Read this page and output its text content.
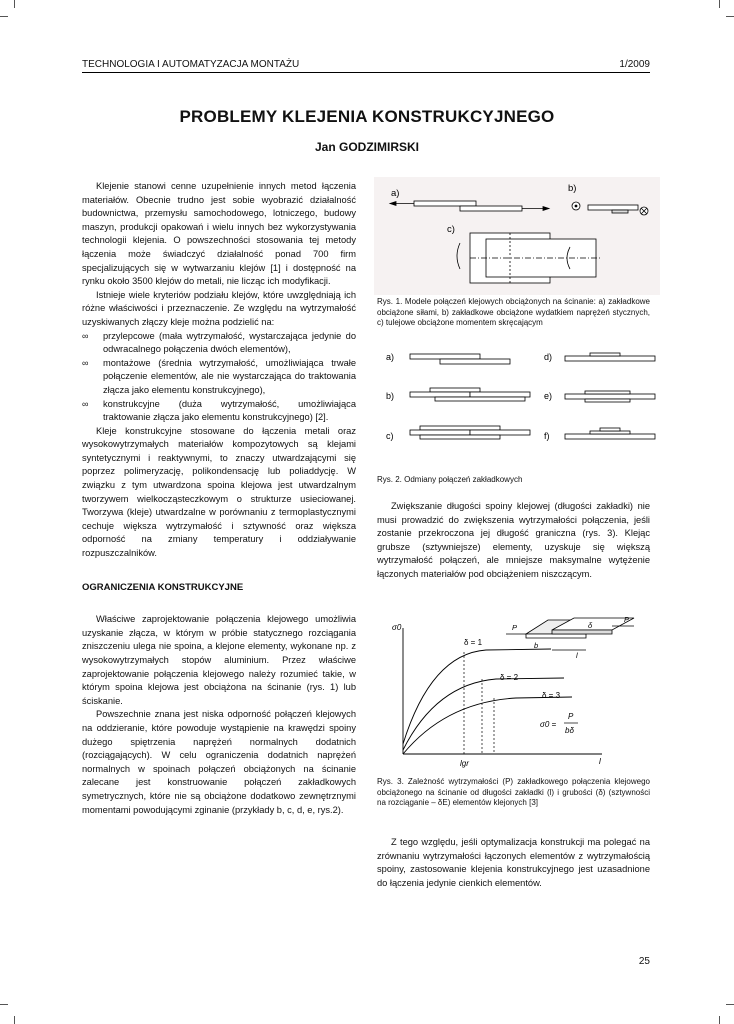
TECHNOLOGIA I AUTOMATYZACJA MONTAŻU	1/2009
PROBLEMY KLEJENIA KONSTRUKCYJNEGO
Jan GODZIMIRSKI

Klejenie stanowi cenne uzupełnienie innych metod łączenia materiałów. Obecnie trudno jest sobie wyobrazić działalność budownictwa, przemysłu samochodowego, lotniczego, budowy maszyn, produkcji opakowań i wielu innych bez wykorzystywania technologii klejenia. O powszechności stosowania tej metody łączenia może świadczyć działalność ponad 700 firm specjalizujących się w wytwarzaniu klejów [1] i dostępność na rynku około 3500 klejów do metali, nie licząc ich modyfikacji.

Istnieje wiele kryteriów podziału klejów, które uwzględniają ich różne właściwości i przeznaczenie. Ze względu na wytrzymałość uzyskiwanych złączy kleje można podzielić na:

∞ przylepcowe (mała wytrzymałość, wystarczająca jedynie do odwracalnego połączenia dwóch elementów),
∞ montażowe (średnia wytrzymałość, umożliwiająca trwałe połączenie elementów, ale nie wystarczająca do traktowania złącza jako elementu konstrukcyjnego),
∞ konstrukcyjne (duża wytrzymałość, umożliwiająca traktowanie złącza jako elementu konstrukcyjnego) [2].

Kleje konstrukcyjne stosowane do łączenia metali oraz wysokowytrzymałych materiałów kompozytowych są klejami syntetycznymi i reaktywnymi, to znaczy utwardzającymi się poprzez polimeryzację, polikondensację lub poliaddycję. W związku z tym utwardzona spoina klejowa jest utwardzalnym tworzywem wielkocząsteczkowym o strukturze usieciowanej. Tworzywa (kleje) utwardzalne w porównaniu z termoplastycznymi cechuje większa wytrzymałość i sztywność oraz większa odporność na zmiany temperatury i oddziaływanie rozpuszczalników.

OGRANICZENIA KONSTRUKCYJNE

Właściwe zaprojektowanie połączenia klejowego umożliwia uzyskanie złącza, w którym w próbie statycznego rozciągania zniszczeniu ulega nie spoina, a klejone elementy, wykonane np. z wysokowytrzymałych stopów aluminium. Przez właściwe zaprojektowanie połączenia klejowego należy rozumieć takie, w którym spoina klejowa jest obciążona na ścinanie (rys. 1) lub ściskanie.

Powszechnie znana jest niska odporność połączeń klejowych na oddzieranie, które powoduje wystąpienie na krawędzi spoiny dużego spiętrzenia naprężeń normalnych dodatnich (rozciągających). W celu ograniczenia dodatnich naprężeń normalnych w spoinach połączeń obciążonych na ścinanie zalecane jest konstruowanie połączeń zakładkowych symetrycznych, które nie są obciążone dodatkowo zewnętrznymi momentami powodującymi zginanie (przykłady b, c, d, e, rys.2).

a)	b)
c)
Rys. 1. Modele połączeń klejowych obciążonych na ścinanie: a) zakładkowe obciążone siłami, b) zakładkowe obciążone wydatkiem naprężeń stycznych, c) tulejowe obciążone momentem skręcającym
a)
b)
c)
d)
e)
f)
Rys. 2. Odmiany połączeń zakładkowych

Zwiększanie długości spoiny klejowej (długości zakładki) nie musi prowadzić do zwiększenia wytrzymałości połączenia, jeśli zostanie przekroczona jej długość graniczna (rys. 3). Klejąc grubsze (sztywniejsze) elementy, uzyskuje się większą wytrzymałość połączeń, ale mniejsze maksymalne wytężenie łączonych materiałów pod obciążeniem niszczącym.

σ0
l
lgr
δ = 1
δ = 2
δ = 3
σ0 =
P
bδ
P
P
b
l
δ
Rys. 3. Zależność wytrzymałości (P) zakładkowego połączenia klejowego obciążonego na ścinanie od długości zakładki (l) i grubości (δ) (sztywności na rozciąganie – δE) elementów klejonych [3]

Z tego względu, jeśli optymalizacja konstrukcji ma polegać na zrównaniu wytrzymałości łączonych elementów z wytrzymałością spoiny, zastosowanie klejenia konstrukcyjnego jest uzasadnione do łączenia jedynie cienkich elementów.

25
